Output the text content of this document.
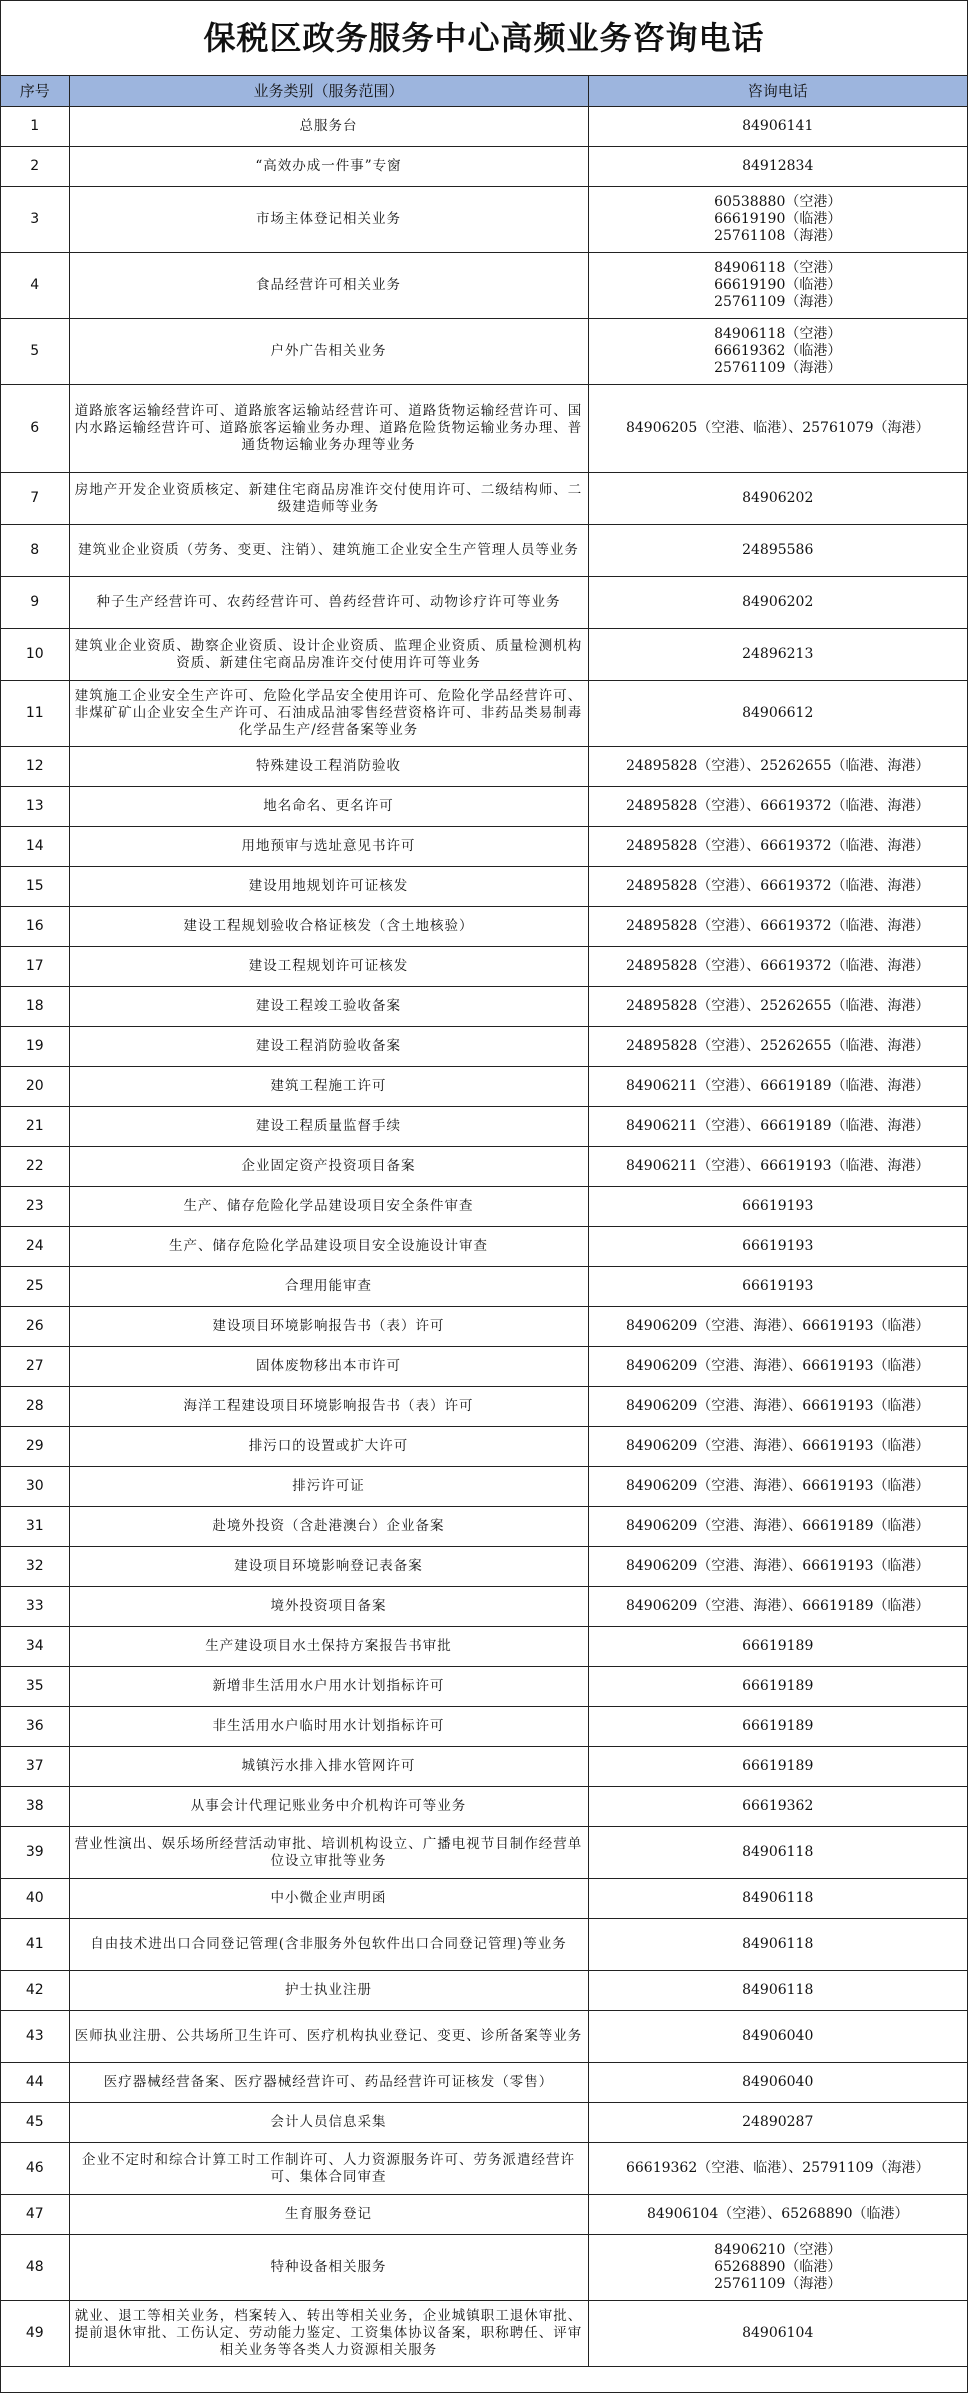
保税区政务服务中心高频业务咨询电话
序号	业务类别（服务范围）	咨询电话
1	总服务台	84906141

2	“高效办成一件事”专窗	84912834

3	市场主体登记相关业务	60538880（空港）
66619190（临港）
25761108（海港）

4	食品经营许可相关业务	84906118（空港）
66619190（临港）
25761109（海港）

5	户外广告相关业务	84906118（空港）
66619362（临港）
25761109（海港）

6	道路旅客运输经营许可、道路旅客运输站经营许可、道路货物运输经营许可、国内水路运输经营许可、道路旅客运输业务办理、道路危险货物运输业务办理、普通货物运输业务办理等业务	84906205（空港、临港）、25761079（海港）

7	房地产开发企业资质核定、新建住宅商品房准许交付使用许可、二级结构师、二级建造师等业务	84906202

8	建筑业企业资质（劳务、变更、注销）、建筑施工企业安全生产管理人员等业务	24895586

9	种子生产经营许可、农药经营许可、兽药经营许可、动物诊疗许可等业务	84906202

10	建筑业企业资质、勘察企业资质、设计企业资质、监理企业资质、质量检测机构资质、新建住宅商品房准许交付使用许可等业务	24896213

11	建筑施工企业安全生产许可、危险化学品安全使用许可、危险化学品经营许可、非煤矿矿山企业安全生产许可、石油成品油零售经营资格许可、非药品类易制毒化学品生产/经营备案等业务	84906612

12	特殊建设工程消防验收	24895828（空港）、25262655（临港、海港）

13	地名命名、更名许可	24895828（空港）、66619372（临港、海港）

14	用地预审与选址意见书许可	24895828（空港）、66619372（临港、海港）

15	建设用地规划许可证核发	24895828（空港）、66619372（临港、海港）

16	建设工程规划验收合格证核发（含土地核验）	24895828（空港）、66619372（临港、海港）

17	建设工程规划许可证核发	24895828（空港）、66619372（临港、海港）

18	建设工程竣工验收备案	24895828（空港）、25262655（临港、海港）

19	建设工程消防验收备案	24895828（空港）、25262655（临港、海港）

20	建筑工程施工许可	84906211（空港）、66619189（临港、海港）

21	建设工程质量监督手续	84906211（空港）、66619189（临港、海港）

22	企业固定资产投资项目备案	84906211（空港）、66619193（临港、海港）

23	生产、储存危险化学品建设项目安全条件审查	66619193

24	生产、储存危险化学品建设项目安全设施设计审查	66619193

25	合理用能审查	66619193

26	建设项目环境影响报告书（表）许可	84906209（空港、海港）、66619193（临港）

27	固体废物移出本市许可	84906209（空港、海港）、66619193（临港）

28	海洋工程建设项目环境影响报告书（表）许可	84906209（空港、海港）、66619193（临港）

29	排污口的设置或扩大许可	84906209（空港、海港）、66619193（临港）

30	排污许可证	84906209（空港、海港）、66619193（临港）

31	赴境外投资（含赴港澳台）企业备案	84906209（空港、海港）、66619189（临港）

32	建设项目环境影响登记表备案	84906209（空港、海港）、66619193（临港）

33	境外投资项目备案	84906209（空港、海港）、66619189（临港）

34	生产建设项目水土保持方案报告书审批	66619189

35	新增非生活用水户用水计划指标许可	66619189

36	非生活用水户临时用水计划指标许可	66619189

37	城镇污水排入排水管网许可	66619189

38	从事会计代理记账业务中介机构许可等业务	66619362

39	营业性演出、娱乐场所经营活动审批、培训机构设立、广播电视节目制作经营单位设立审批等业务	84906118

40	中小微企业声明函	84906118

41	自由技术进出口合同登记管理(含非服务外包软件出口合同登记管理)等业务	84906118

42	护士执业注册	84906118

43	医师执业注册、公共场所卫生许可、医疗机构执业登记、变更、诊所备案等业务	84906040

44	医疗器械经营备案、医疗器械经营许可、药品经营许可证核发（零售）	84906040

45	会计人员信息采集	24890287

46	企业不定时和综合计算工时工作制许可、人力资源服务许可、劳务派遣经营许可、集体合同审查	66619362（空港、临港）、25791109（海港）

47	生育服务登记	84906104（空港）、65268890（临港）

48	特种设备相关服务	84906210（空港）
65268890（临港）
25761109（海港）

49	就业、退工等相关业务，档案转入、转出等相关业务，企业城镇职工退休审批、提前退休审批、工伤认定、劳动能力鉴定、工资集体协议备案，职称聘任、评审相关业务等各类人力资源相关服务	84906104
